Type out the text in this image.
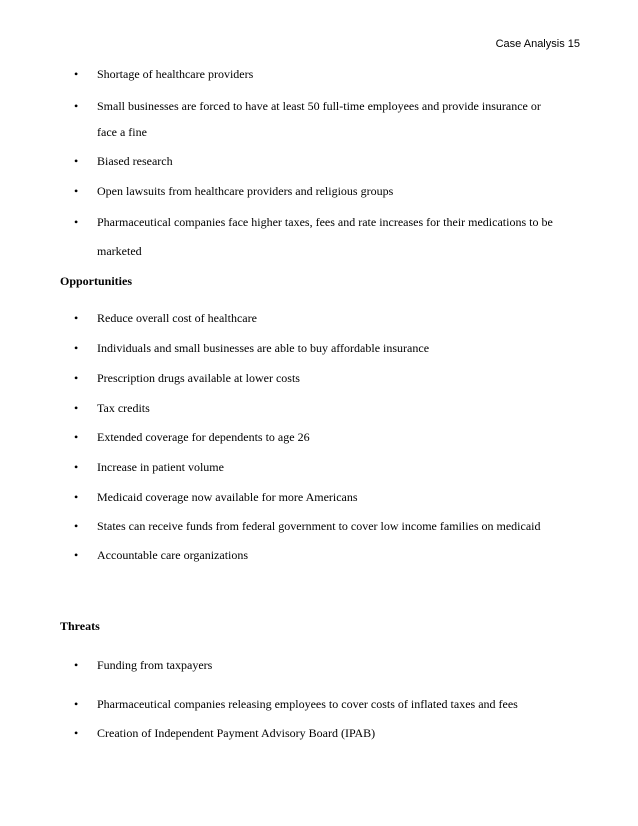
Case Analysis 15
•	Shortage of healthcare providers
•	Small businesses are forced to have at least 50 full-time employees and provide insurance or
face a fine
•	Biased research
•	Open lawsuits from healthcare providers and religious groups
•	Pharmaceutical companies face higher taxes, fees and rate increases for their medications to be
marketed
Opportunities
•	Reduce overall cost of healthcare
•	Individuals and small businesses are able to buy affordable insurance
•	Prescription drugs available at lower costs
•	Tax credits
•	Extended coverage for dependents to age 26
•	Increase in patient volume
•	Medicaid coverage now available for more Americans
•	States can receive funds from federal government to cover low income families on medicaid
•	Accountable care organizations
Threats
•	Funding from taxpayers
•	Pharmaceutical companies releasing employees to cover costs of inflated taxes and fees
•	Creation of Independent Payment Advisory Board (IPAB)
